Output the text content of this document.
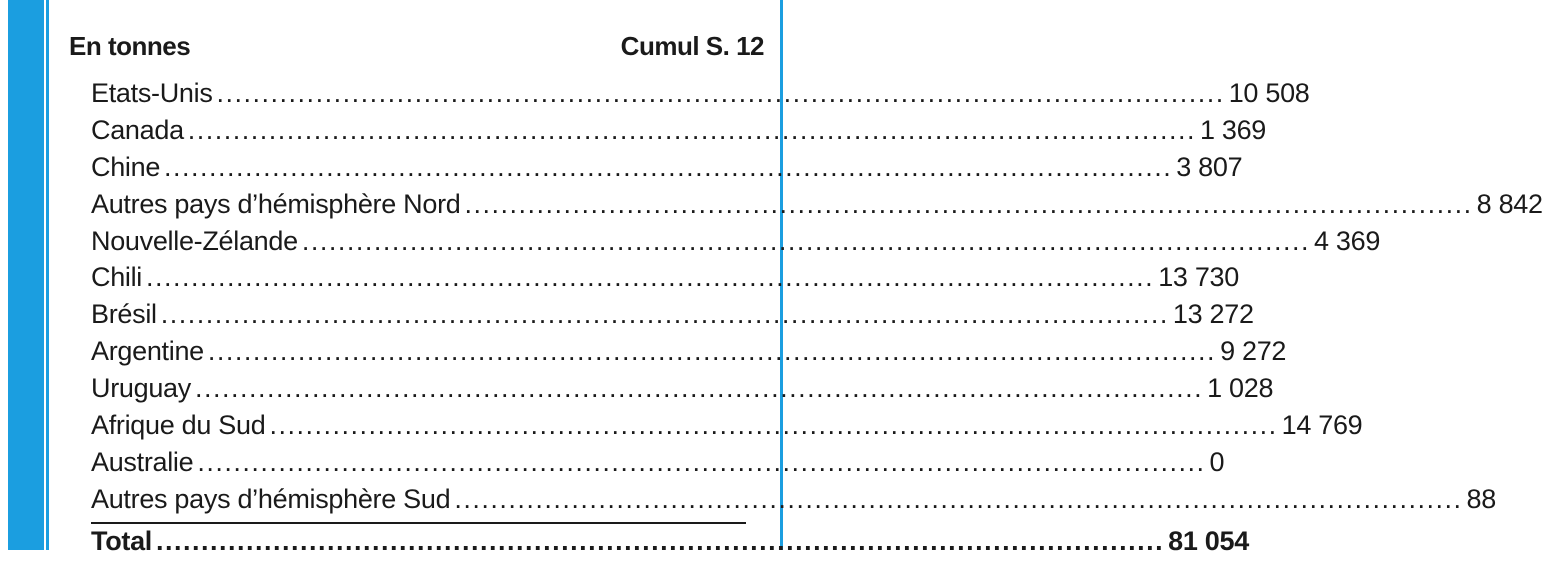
En tonnes	Cumul S. 12
Etats-Unis ................................................................................................................ 10 508
Canada ................................................................................................................ 1 369
Chine ................................................................................................................ 3 807
Autres pays d’hémisphère Nord ................................................................................................................ 8 842
Nouvelle-Zélande ................................................................................................................ 4 369
Chili ................................................................................................................ 13 730
Brésil ................................................................................................................ 13 272
Argentine ................................................................................................................ 9 272
Uruguay ................................................................................................................ 1 028
Afrique du Sud ................................................................................................................ 14 769
Australie ................................................................................................................ 0
Autres pays d’hémisphère Sud ................................................................................................................ 88
Total ................................................................................................................ 81 054
